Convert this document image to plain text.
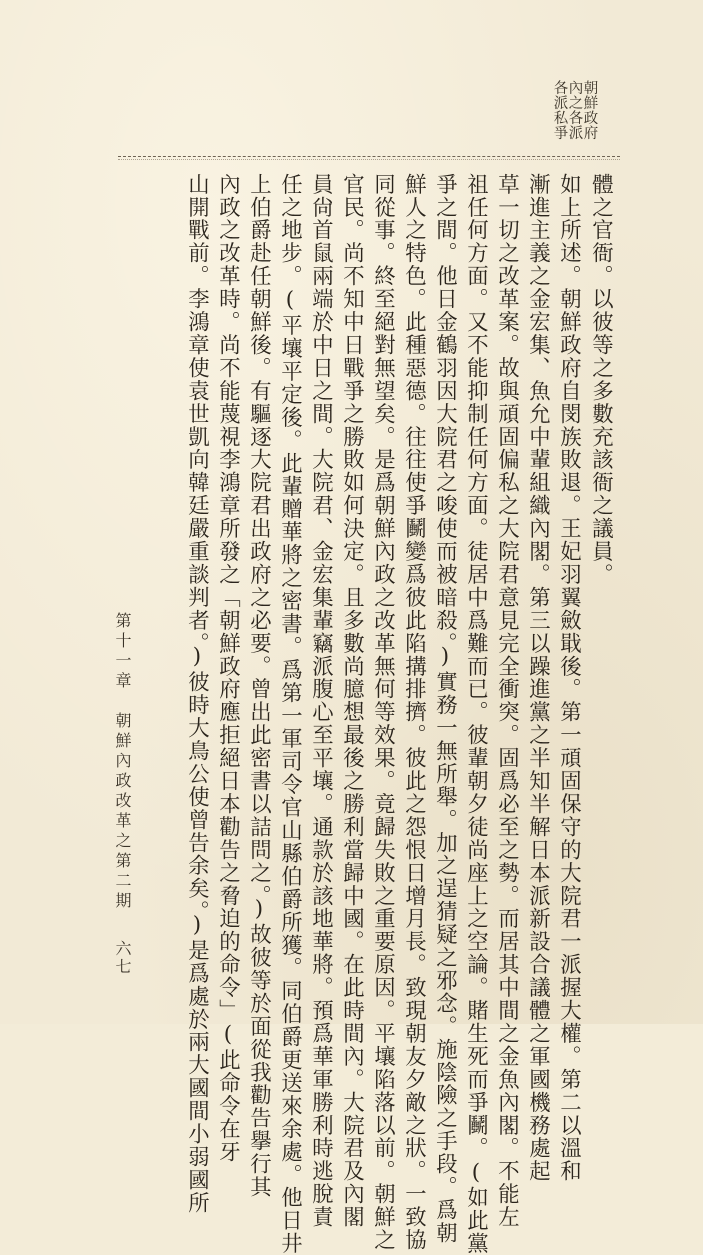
朝鮮政府
內之各派
各派私爭
體之官衙。以彼等之多數充該衙之議員。
如上所述。朝鮮政府自閔族敗退。王妃羽翼斂戢後。第一頑固保守的大院君一派握大權。第二以溫和
漸進主義之金宏集、魚允中輩組織內閣。第三以躁進黨之半知半解日本派新設合議體之軍國機務處起
草一切之改革案。故與頑固偏私之大院君意見完全衝突。固爲必至之勢。而居其中間之金魚內閣。不能左
祖任何方面。又不能抑制任何方面。徒居中爲難而已。彼輩朝夕徒尚座上之空論。賭生死而爭鬭。(如此黨
爭之間。他日金鶴羽因大院君之唆使而被暗殺。)實務一無所舉。加之逞猜疑之邪念。施陰險之手段。爲朝
鮮人之特色。此種惡德。往往使爭鬭變爲彼此陷搆排擠。彼此之怨恨日增月長。致現朝友夕敵之狀。一致協
同從事。終至絕對無望矣。是爲朝鮮內政之改革無何等效果。竟歸失敗之重要原因。平壤陷落以前。朝鮮之
官民。尚不知中日戰爭之勝敗如何決定。且多數尚臆想最後之勝利當歸中國。在此時間內。大院君及內閣
員尙首鼠兩端於中日之間。大院君、金宏集輩竊派腹心至平壤。通款於該地華將。預爲華軍勝利時逃脫責
任之地步。(平壤平定後。此輩贈華將之密書。爲第一軍司令官山縣伯爵所獲。同伯爵更送來余處。他日井
上伯爵赴任朝鮮後。有驅逐大院君出政府之必要。曾出此密書以詰問之。)故彼等於面從我勸告擧行其
內政之改革時。尚不能蔑視李鴻章所發之「朝鮮政府應拒絕日本勸告之脅迫的命令」(此命令在牙
山開戰前。李鴻章使袁世凱向韓廷嚴重談判者。)彼時大鳥公使曾告余矣。)是爲處於兩大國間小弱國所
第十一章　朝鮮內政改革之第二期
六七
